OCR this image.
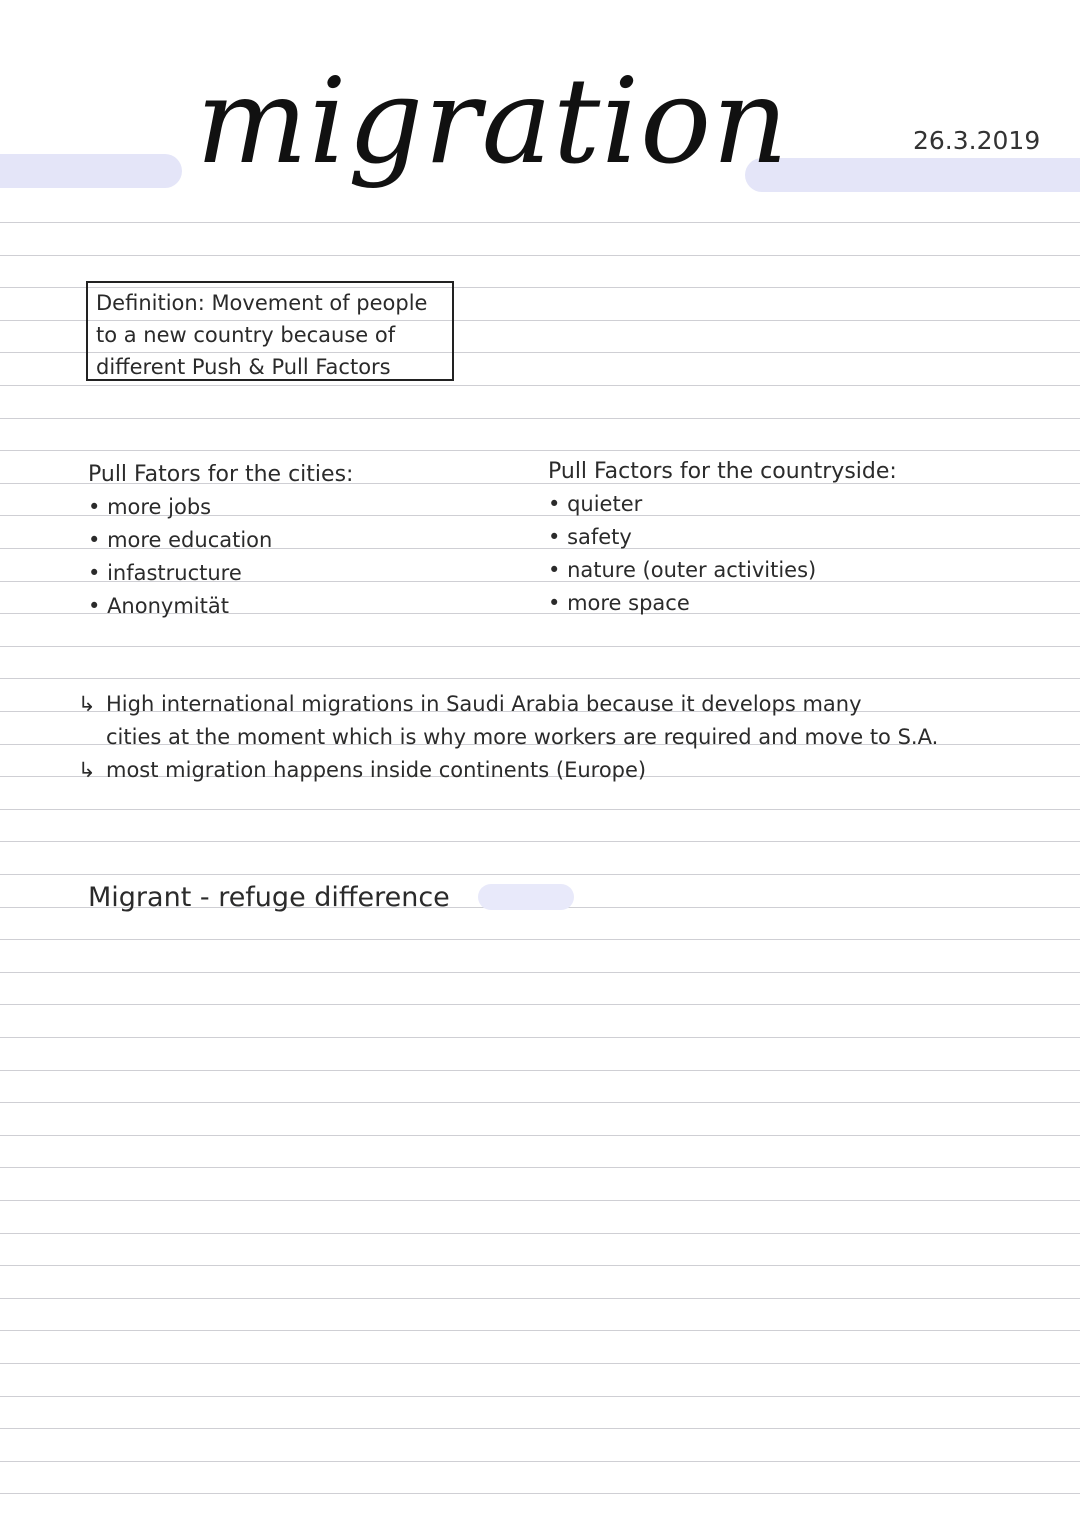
migration	26.3.2019
Definition: Movement of people
to a new country because of
different Push & Pull Factors
Pull Fators for the cities:
• more jobs
• more education
• infastructure
• Anonymität
Pull Factors for the countryside:
• quieter
• safety
• nature (outer activities)
• more space
↳ High international migrations in Saudi Arabia because it develops many
cities at the moment which is why more workers are required and move to S.A.
↳ most migration happens inside continents (Europe)
Migrant - refuge difference
